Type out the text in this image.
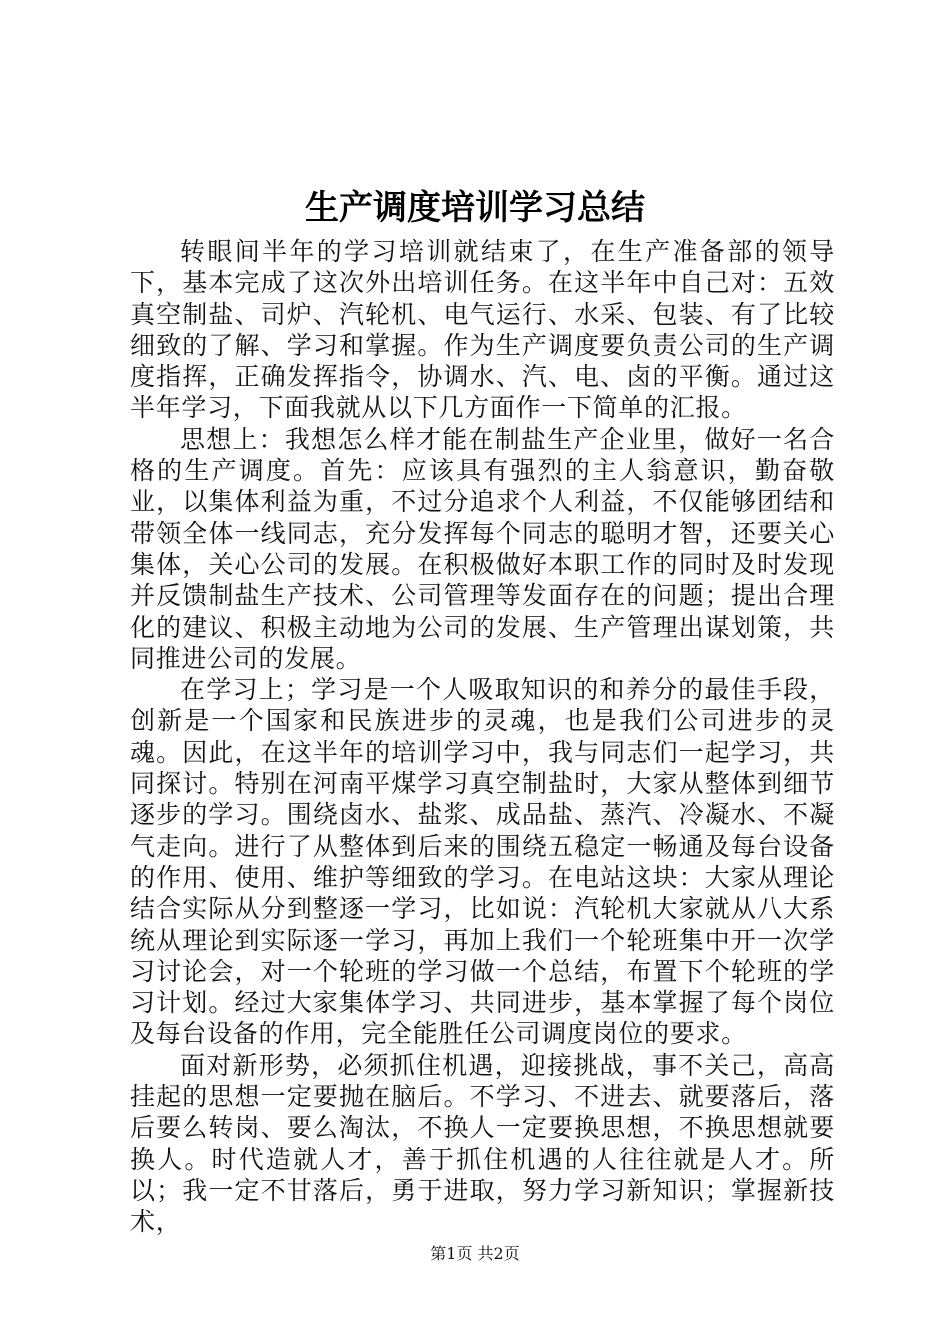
生产调度培训学习总结

转眼间半年的学习培训就结束了，在生产准备部的领导下，基本完成了这次外出培训任务。在这半年中自己对：五效真空制盐、司炉、汽轮机、电气运行、水采、包装、有了比较细致的了解、学习和掌握。作为生产调度要负责公司的生产调度指挥，正确发挥指令，协调水、汽、电、卤的平衡。通过这半年学习，下面我就从以下几方面作一下简单的汇报。

思想上：我想怎么样才能在制盐生产企业里，做好一名合格的生产调度。首先：应该具有强烈的主人翁意识，勤奋敬业，以集体利益为重，不过分追求个人利益，不仅能够团结和带领全体一线同志，充分发挥每个同志的聪明才智，还要关心集体，关心公司的发展。在积极做好本职工作的同时及时发现并反馈制盐生产技术、公司管理等发面存在的问题；提出合理化的建议、积极主动地为公司的发展、生产管理出谋划策，共同推进公司的发展。

在学习上；学习是一个人吸取知识的和养分的最佳手段，创新是一个国家和民族进步的灵魂，也是我们公司进步的灵魂。因此，在这半年的培训学习中，我与同志们一起学习，共同探讨。特别在河南平煤学习真空制盐时，大家从整体到细节逐步的学习。围绕卤水、盐浆、成品盐、蒸汽、冷凝水、不凝气走向。进行了从整体到后来的围绕五稳定一畅通及每台设备的作用、使用、维护等细致的学习。在电站这块：大家从理论结合实际从分到整逐一学习，比如说：汽轮机大家就从八大系统从理论到实际逐一学习，再加上我们一个轮班集中开一次学习讨论会，对一个轮班的学习做一个总结，布置下个轮班的学习计划。经过大家集体学习、共同进步，基本掌握了每个岗位及每台设备的作用，完全能胜任公司调度岗位的要求。

面对新形势，必须抓住机遇，迎接挑战，事不关己，高高挂起的思想一定要抛在脑后。不学习、不进去、就要落后，落后要么转岗、要么淘汰，不换人一定要换思想，不换思想就要换人。时代造就人才，善于抓住机遇的人往往就是人才。所以；我一定不甘落后，勇于进取，努力学习新知识；掌握新技术，

第1页 共2页
